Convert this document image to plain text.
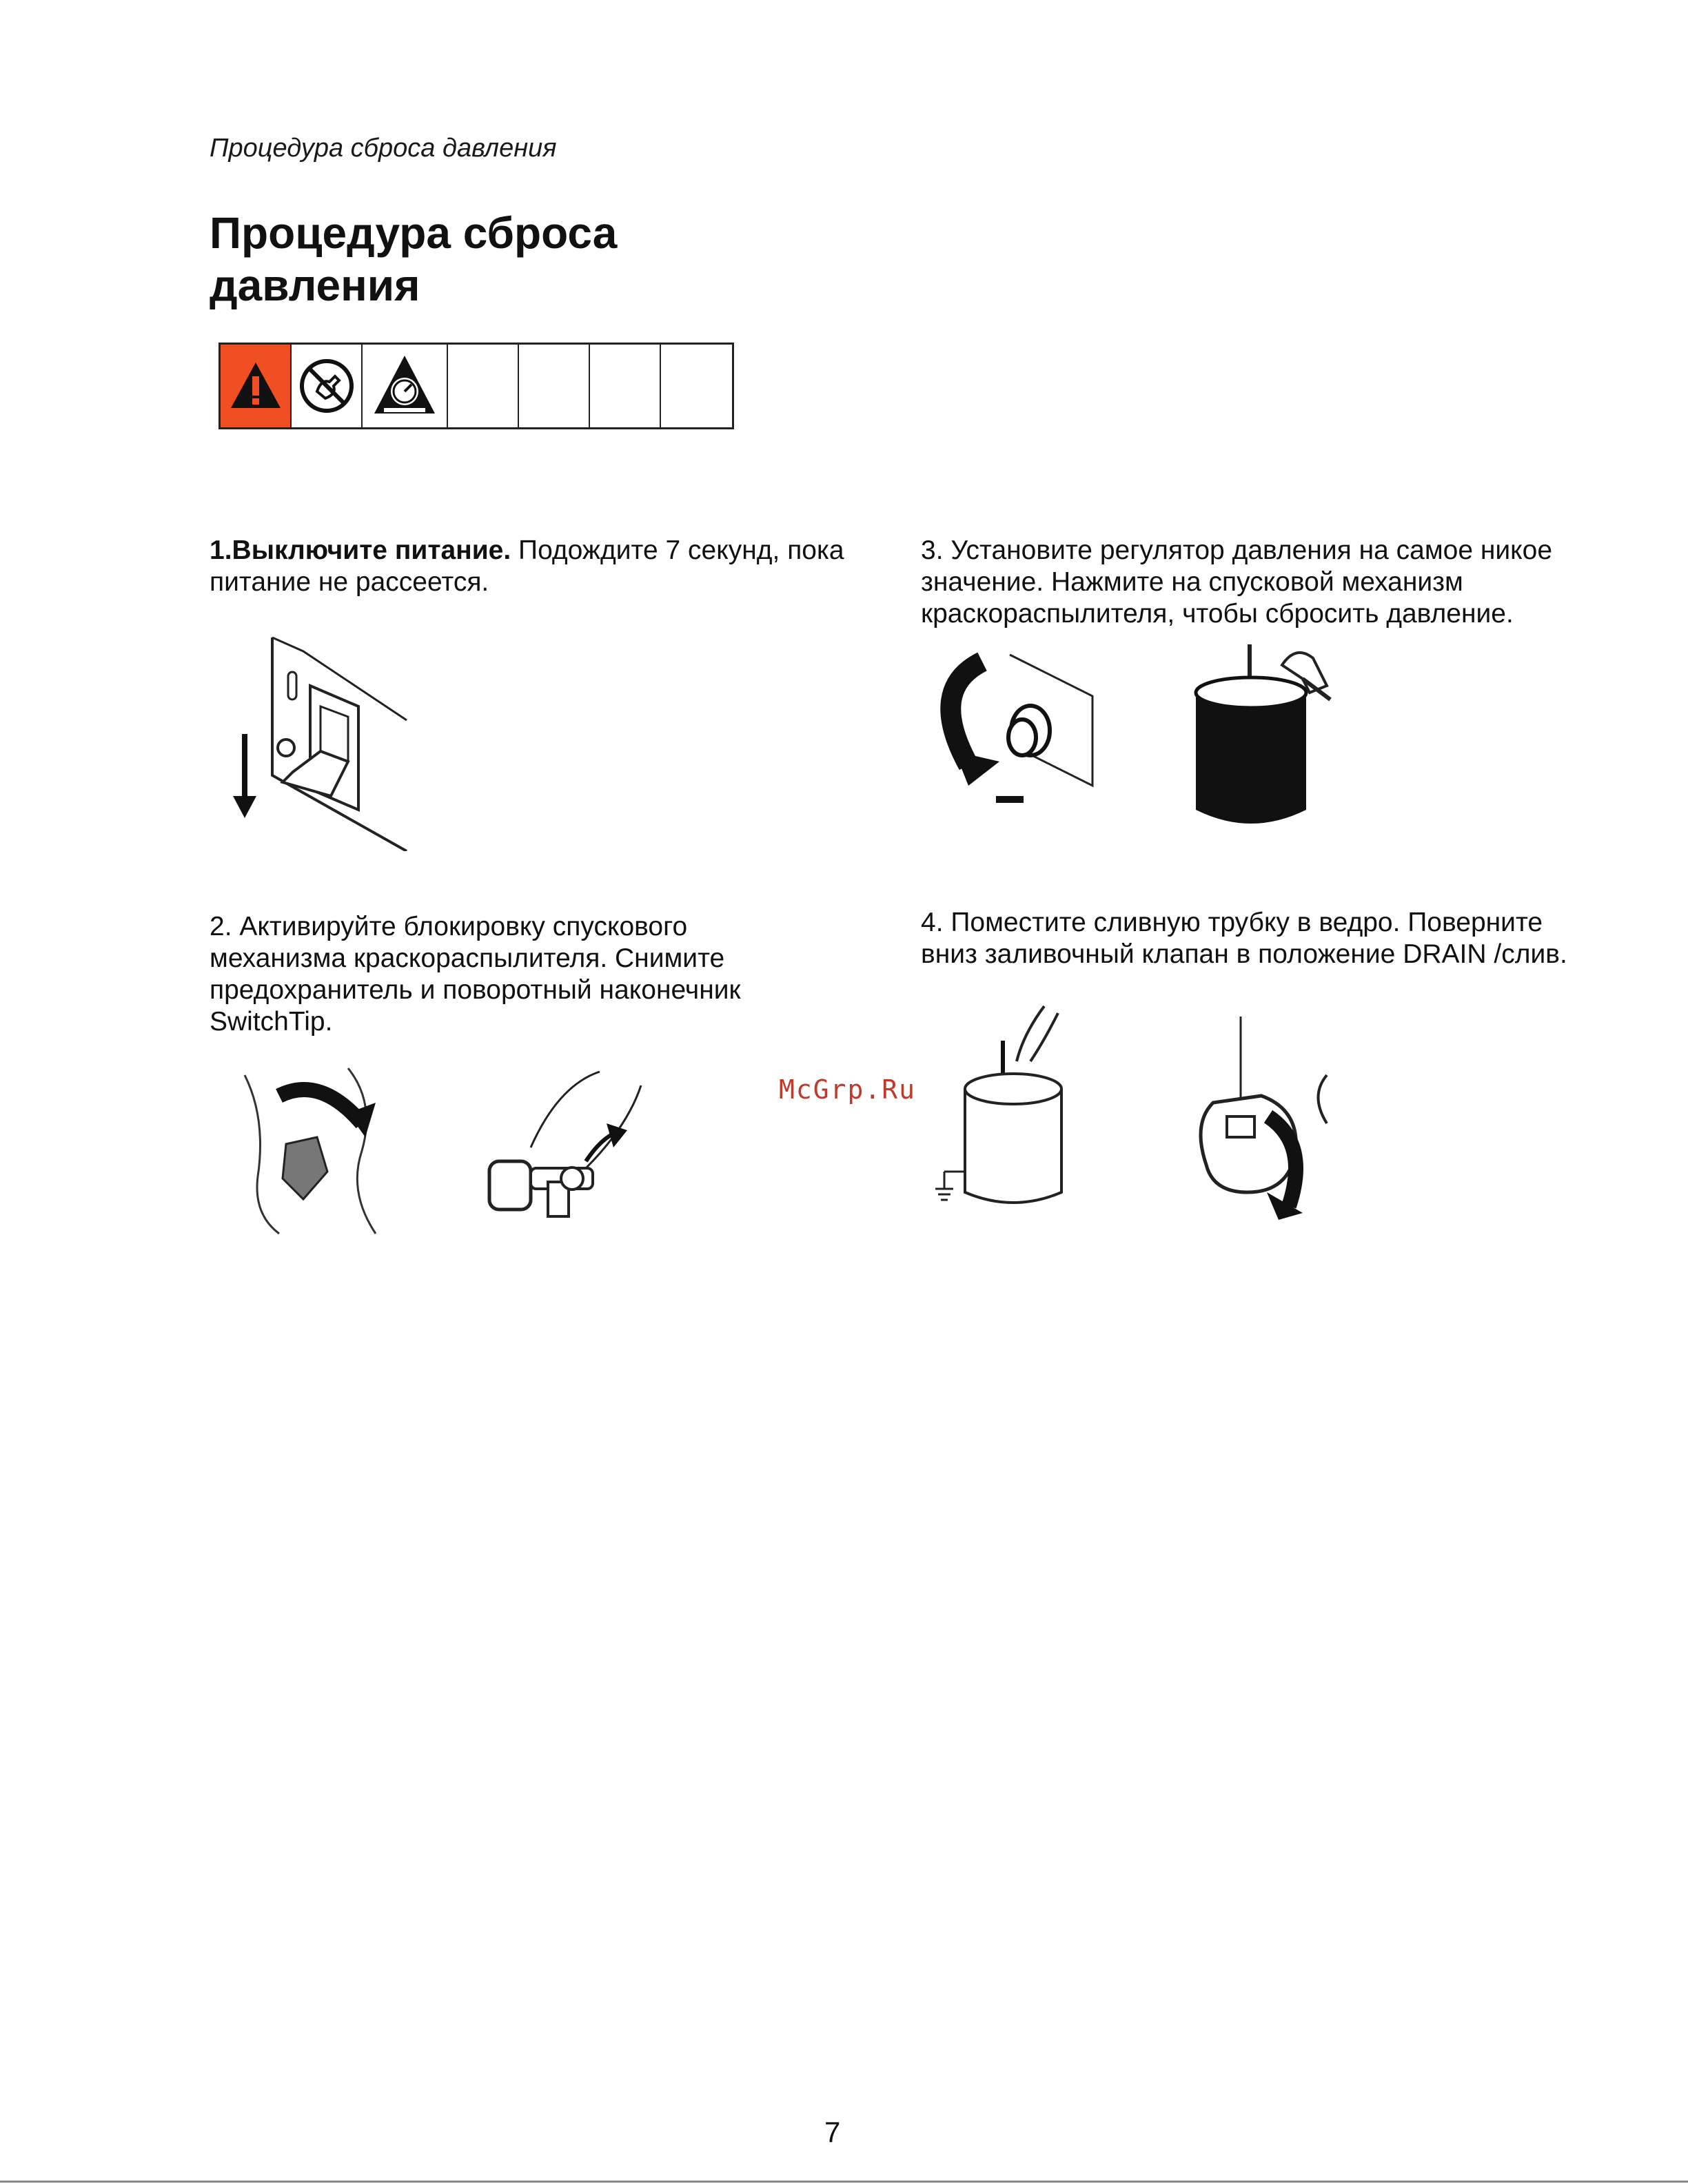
Процедура сброса давления
Процедура сброса давления
1.Выключите питание. Подождите 7 секунд, пока питание не рассеется.
2. Активируйте блокировку спускового механизма краскораспылителя. Снимите предохранитель и поворотный наконечник SwitchTip.
3. Установите регулятор давления на самое никое значение. Нажмите на спусковой механизм краскораспылителя, чтобы сбросить давление.
4. Поместите сливную трубку в ведро. Поверните вниз заливочный клапан в положение DRAIN /слив.
McGrp.Ru
7
